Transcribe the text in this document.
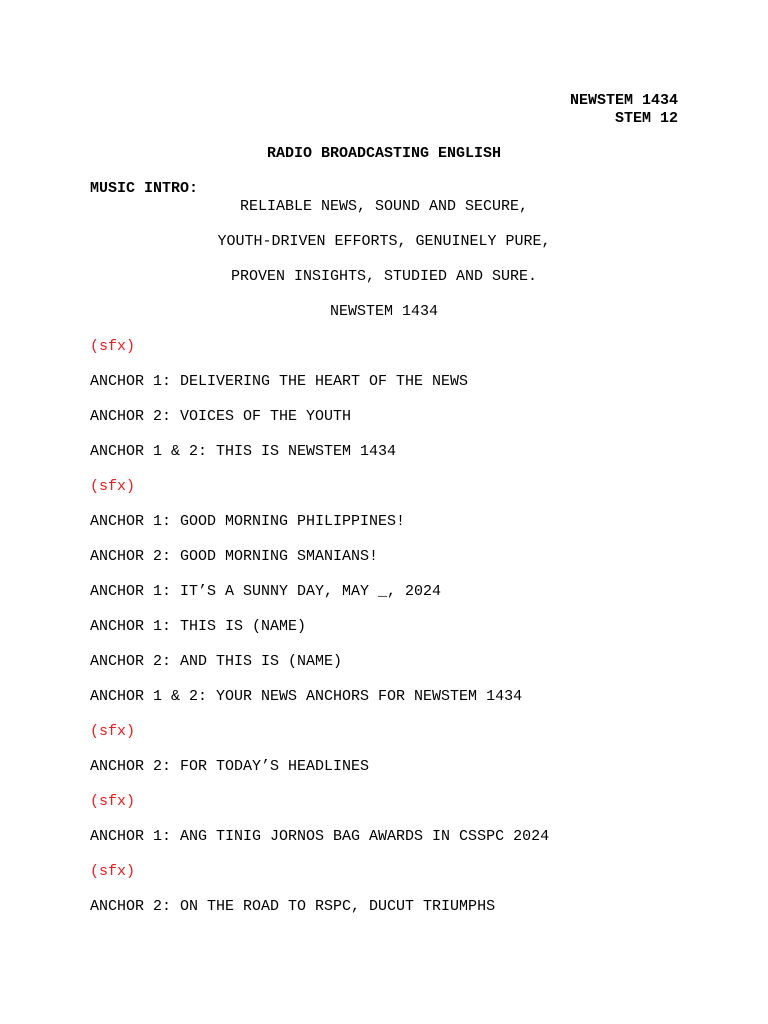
NEWSTEM 1434
STEM 12
RADIO BROADCASTING ENGLISH
MUSIC INTRO:
RELIABLE NEWS, SOUND AND SECURE,
YOUTH-DRIVEN EFFORTS, GENUINELY PURE,
PROVEN INSIGHTS, STUDIED AND SURE.
NEWSTEM 1434
(sfx)
ANCHOR 1: DELIVERING THE HEART OF THE NEWS
ANCHOR 2: VOICES OF THE YOUTH
ANCHOR 1 & 2: THIS IS NEWSTEM 1434
(sfx)
ANCHOR 1: GOOD MORNING PHILIPPINES!
ANCHOR 2: GOOD MORNING SMANIANS!
ANCHOR 1: IT’S A SUNNY DAY, MAY _, 2024
ANCHOR 1: THIS IS (NAME)
ANCHOR 2: AND THIS IS (NAME)
ANCHOR 1 & 2: YOUR NEWS ANCHORS FOR NEWSTEM 1434
(sfx)
ANCHOR 2: FOR TODAY’S HEADLINES
(sfx)
ANCHOR 1: ANG TINIG JORNOS BAG AWARDS IN CSSPC 2024
(sfx)
ANCHOR 2: ON THE ROAD TO RSPC, DUCUT TRIUMPHS
